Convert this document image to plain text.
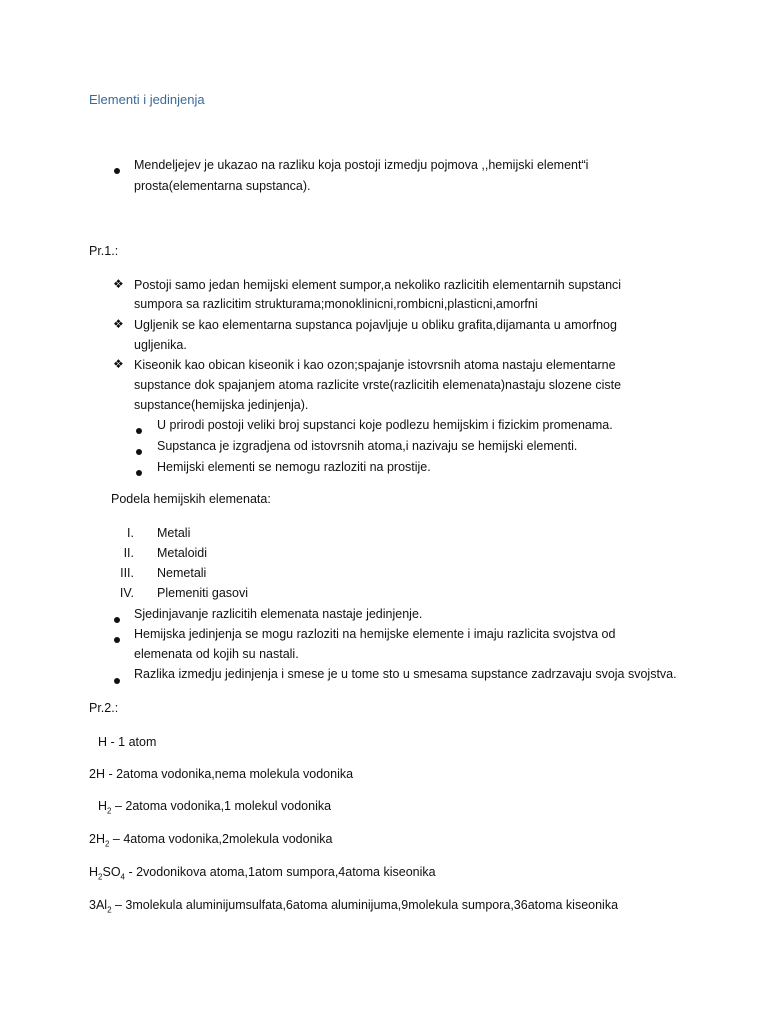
Elementi i jedinjenja
Mendeljejev je ukazao na razliku koja postoji izmedju pojmova ,,hemijski element“i
prosta(elementarna supstanca).
Pr.1.:
❖ Postoji samo jedan hemijski element sumpor,a nekoliko razlicitih elementarnih supstanci
sumpora sa razlicitim strukturama;monoklinicni,rombicni,plasticni,amorfni
❖ Ugljenik se kao elementarna supstanca pojavljuje u obliku grafita,dijamanta u amorfnog
ugljenika.
❖ Kiseonik kao obican kiseonik i kao ozon;spajanje istovrsnih atoma nastaju elementarne
supstance dok spajanjem atoma razlicite vrste(razlicitih elemenata)nastaju slozene ciste
supstance(hemijska jedinjenja).
U prirodi postoji veliki broj supstanci koje podlezu hemijskim i fizickim promenama.
Supstanca je izgradjena od istovrsnih atoma,i nazivaju se hemijski elementi.
Hemijski elementi se nemogu razloziti na prostije.
Podela hemijskih elemenata:
I. Metali
II. Metaloidi
III. Nemetali
IV. Plemeniti gasovi
Sjedinjavanje razlicitih elemenata nastaje jedinjenje.
Hemijska jedinjenja se mogu razloziti na hemijske elemente i imaju razlicita svojstva od
elemenata od kojih su nastali.
Razlika izmedju jedinjenja i smese je u tome sto u smesama supstance zadrzavaju svoja svojstva.
Pr.2.:
H - 1 atom
2H - 2atoma vodonika,nema molekula vodonika
$H_2$ – 2atoma vodonika,1 molekul vodonika
$2H_2$ – 4atoma vodonika,2molekula vodonika
$H_2SO_4$ - 2vodonikova atoma,1atom sumpora,4atoma kiseonika
$3Al_2$ – 3molekula aluminijumsulfata,6atoma aluminijuma,9molekula sumpora,36atoma kiseonika
